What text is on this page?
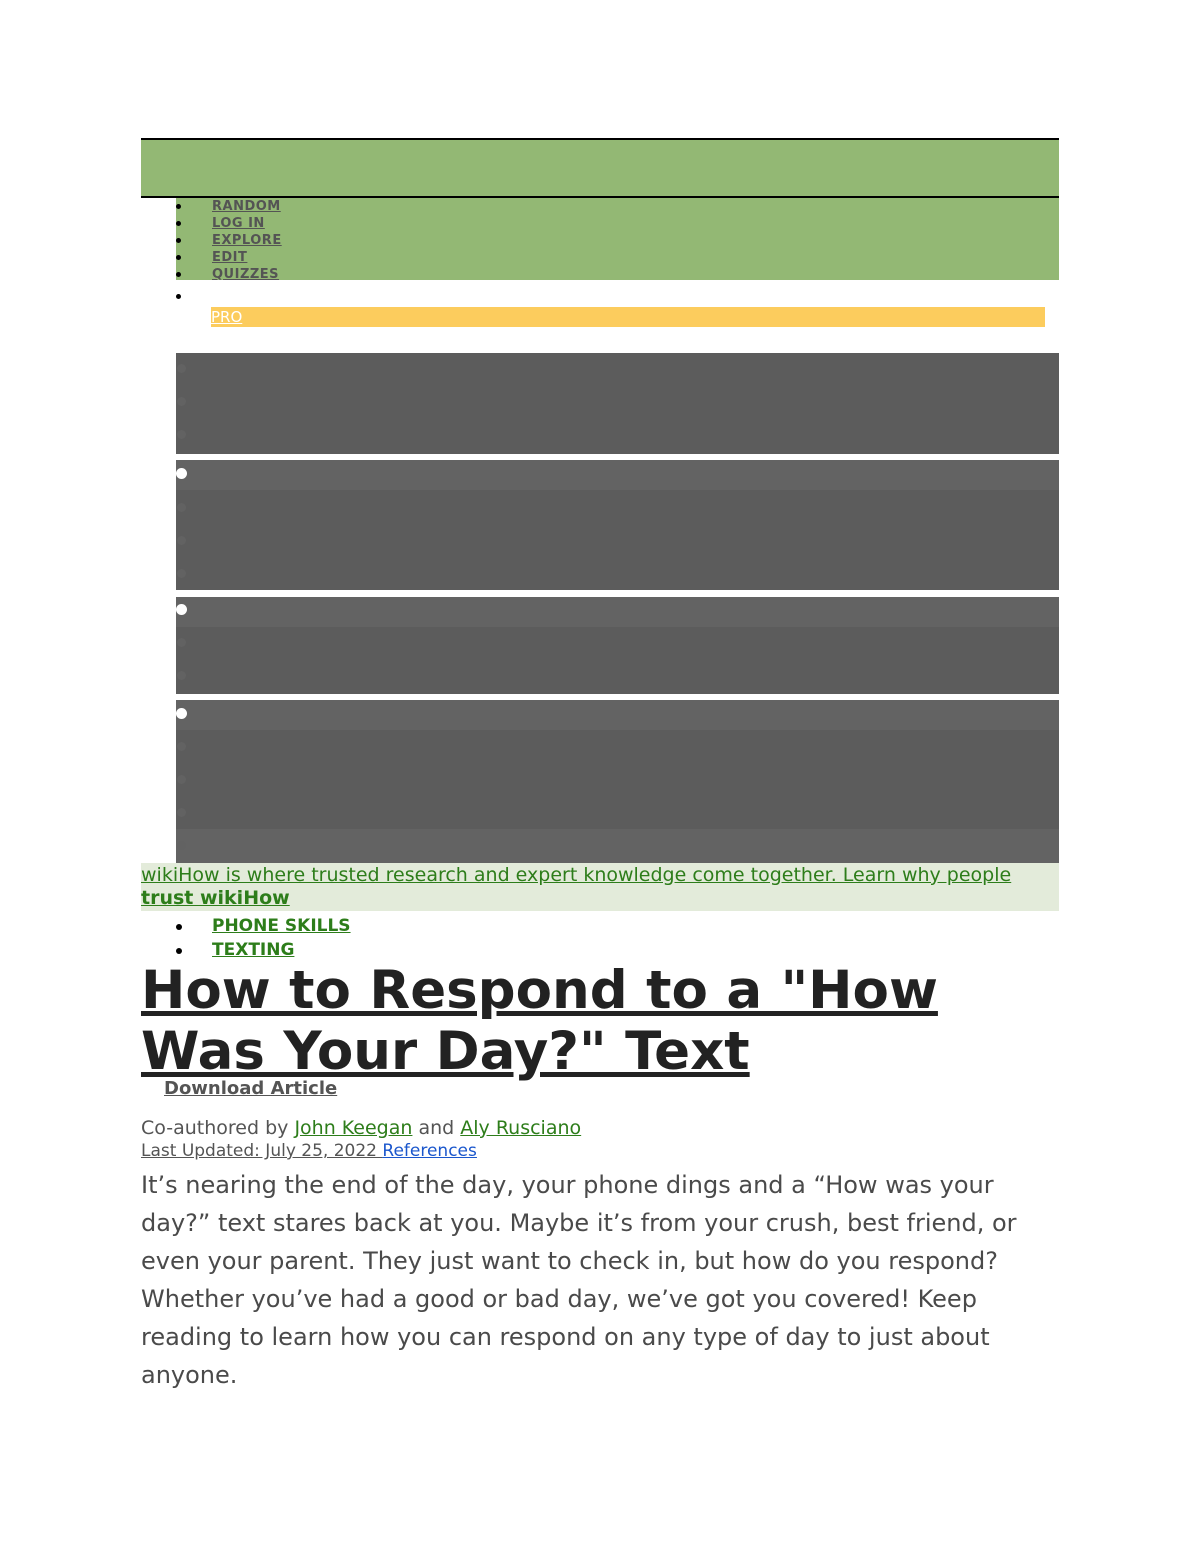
RANDOM
LOG IN
EXPLORE
EDIT
QUIZZES
PRO
wikiHow is where trusted research and expert knowledge come together. Learn why people trust wikiHow
PHONE SKILLS
TEXTING
How to Respond to a "How Was Your Day?" Text
Download Article
Co-authored by John Keegan and Aly Rusciano
Last Updated: July 25, 2022 References

It’s nearing the end of the day, your phone dings and a “How was your day?” text stares back at you. Maybe it’s from your crush, best friend, or even your parent. They just want to check in, but how do you respond? Whether you’ve had a good or bad day, we’ve got you covered! Keep reading to learn how you can respond on any type of day to just about anyone.
